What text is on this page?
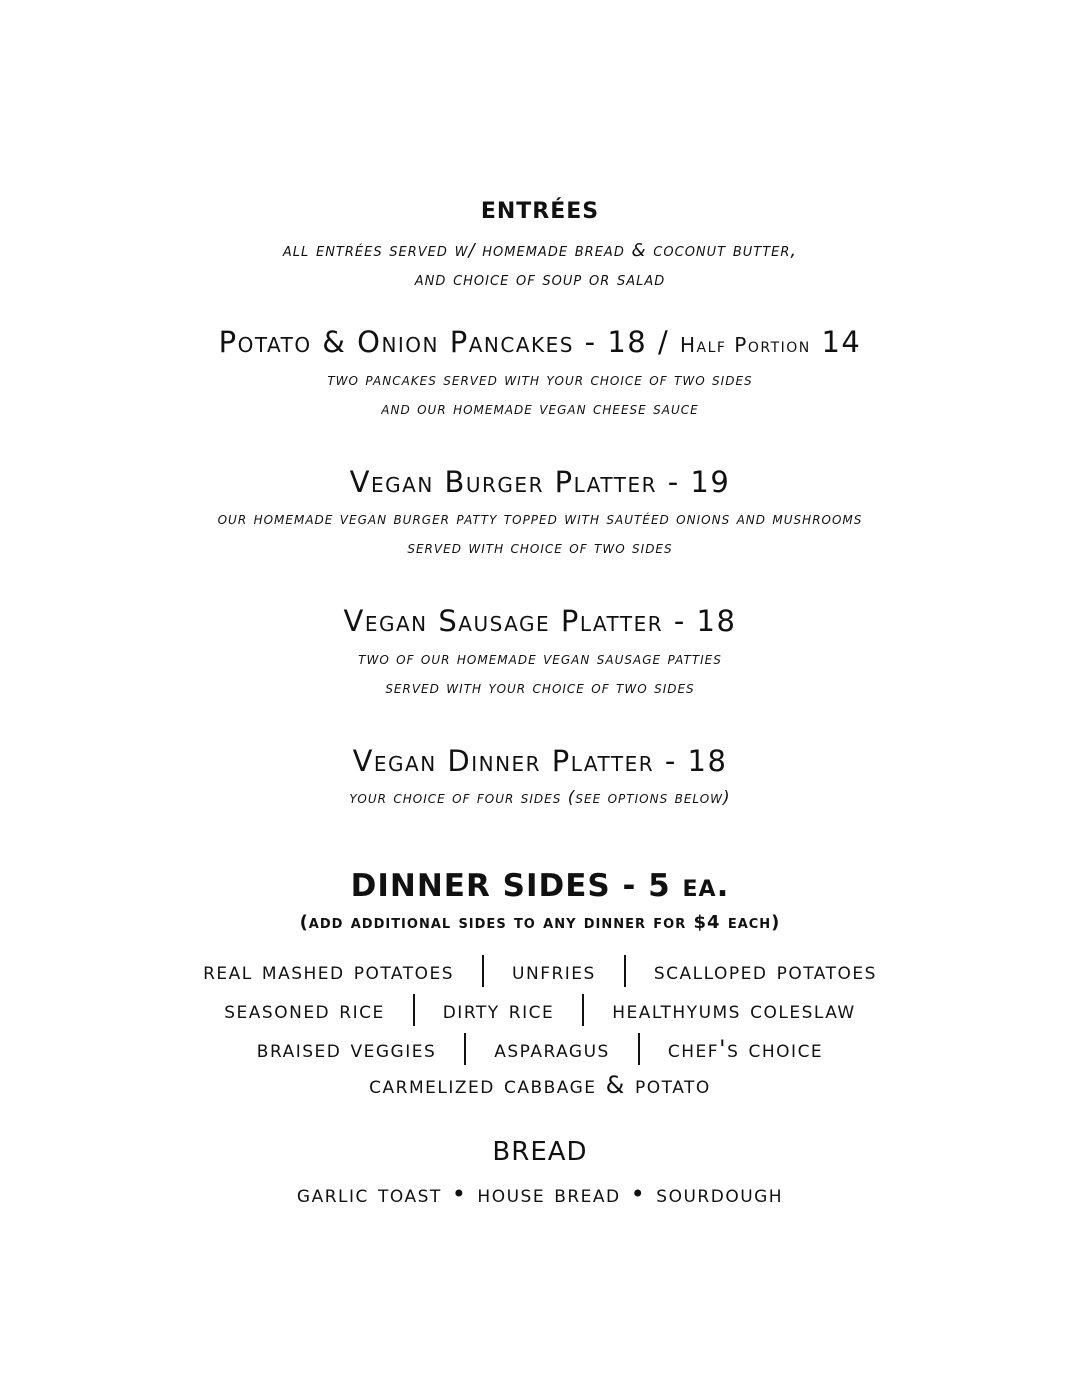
entrées
all entrées served w/ homemade bread & coconut butter,
and choice of soup or salad
Potato & Onion Pancakes - 18 / Half Portion 14
two pancakes served with your choice of two sides
and our homemade vegan cheese sauce
Vegan Burger Platter - 19
our homemade vegan burger patty topped with sautéed onions and mushrooms
served with choice of two sides
Vegan Sausage Platter - 18
two of our homemade vegan sausage patties
served with your choice of two sides
Vegan Dinner Platter - 18
your choice of four sides (see options below)
DINNER SIDES - 5 ea.
(add additional sides to any dinner for $4 each)
real mashed potatoes unfries scalloped potatoes
seasoned rice dirty rice healthyums coleslaw
braised veggies asparagus chef's choice
carmelized cabbage & potato
BREAD
garlic toast • house bread • sourdough
